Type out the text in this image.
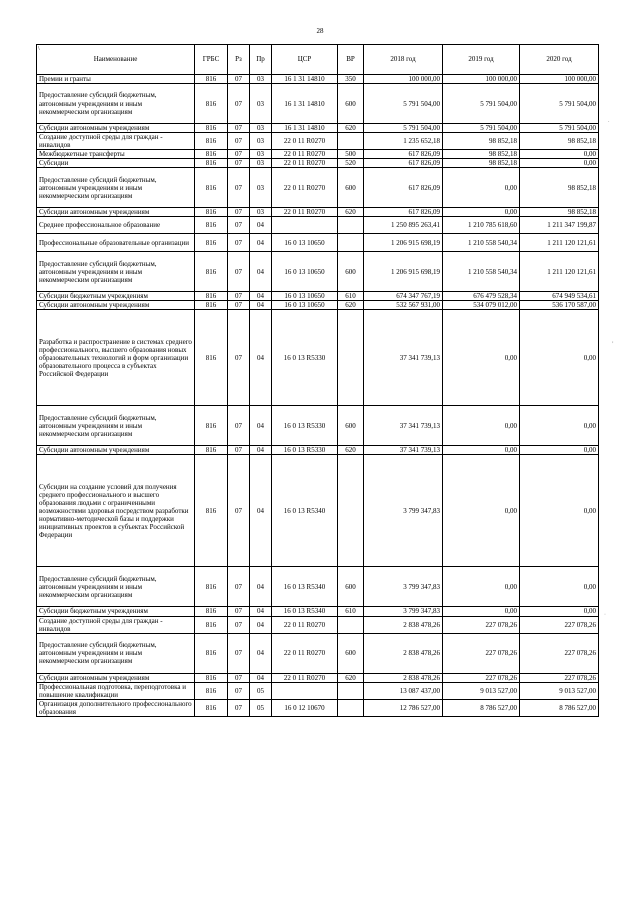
28
\
.
,
·
Наименование	ГРБС	Рз	Пр	ЦСР	ВР	2018 год	2019 год	2020 год
Премии и гранты	816	07	03	16 1 31 14810	350	100 000,00	100 000,00	100 000,00
Предоставление субсидий бюджетным, автономным учреждениям и иным некоммерческим организациям	816	07	03	16 1 31 14810	600	5 791 504,00	5 791 504,00	5 791 504,00
Субсидии автономным учреждениям	816	07	03	16 1 31 14810	620	5 791 504,00	5 791 504,00	5 791 504,00
Создание доступной среды для граждан - инвалидов	816	07	03	22 0 11 R0270		1 235 652,18	98 852,18	98 852,18
Межбюджетные трансферты	816	07	03	22 0 11 R0270	500	617 826,09	98 852,18	0,00
Субсидии	816	07	03	22 0 11 R0270	520	617 826,09	98 852,18	0,00
Предоставление субсидий бюджетным, автономным учреждениям и иным некоммерческим организациям	816	07	03	22 0 11 R0270	600	617 826,09	0,00	98 852,18
Субсидии автономным учреждениям	816	07	03	22 0 11 R0270	620	617 826,09	0,00	98 852,18
Среднее профессиональное образование	816	07	04			1 250 895 263,41	1 210 785 618,60	1 211 347 199,87
Профессиональные образовательные организации	816	07	04	16 0 13 10650		1 206 915 698,19	1 210 558 540,34	1 211 120 121,61
Предоставление субсидий бюджетным, автономным учреждениям и иным некоммерческим организациям	816	07	04	16 0 13 10650	600	1 206 915 698,19	1 210 558 540,34	1 211 120 121,61
Субсидии бюджетным учреждениям	816	07	04	16 0 13 10650	610	674 347 767,19	676 479 528,34	674 949 534,61
Субсидии автономным учреждениям	816	07	04	16 0 13 10650	620	532 567 931,00	534 079 012,00	536 170 587,00
Разработка и распространение в системах среднего профессионального, высшего образования новых образовательных технологий и форм организации образовательного процесса в субъектах Российской Федерации	816	07	04	16 0 13 R5330		37 341 739,13	0,00	0,00
Предоставление субсидий бюджетным, автономным учреждениям и иным некоммерческим организациям	816	07	04	16 0 13 R5330	600	37 341 739,13	0,00	0,00
Субсидии автономным учреждениям	816	07	04	16 0 13 R5330	620	37 341 739,13	0,00	0,00
Субсидии на создание условий для получения среднего профессионального и высшего образования людьми с ограниченными возможностями здоровья посредством разработки нормативно-методической базы и поддержки инициативных проектов в субъектах Российской Федерации	816	07	04	16 0 13 R5340		3 799 347,83	0,00	0,00
Предоставление субсидий бюджетным, автономным учреждениям и иным некоммерческим организациям	816	07	04	16 0 13 R5340	600	3 799 347,83	0,00	0,00
Субсидии бюджетным учреждениям	816	07	04	16 0 13 R5340	610	3 799 347,83	0,00	0,00
Создание доступной среды для граждан - инвалидов	816	07	04	22 0 11 R0270		2 838 478,26	227 078,26	227 078,26
Предоставление субсидий бюджетным, автономным учреждениям и иным некоммерческим организациям	816	07	04	22 0 11 R0270	600	2 838 478,26	227 078,26	227 078,26
Субсидии автономным учреждениям	816	07	04	22 0 11 R0270	620	2 838 478,26	227 078,26	227 078,26
Профессиональная подготовка, переподготовка и повышение квалификации	816	07	05			13 087 437,00	9 013 527,00	9 013 527,00
Организация дополнительного профессионального образования	816	07	05	16 0 12 10670		12 786 527,00	8 786 527,00	8 786 527,00
